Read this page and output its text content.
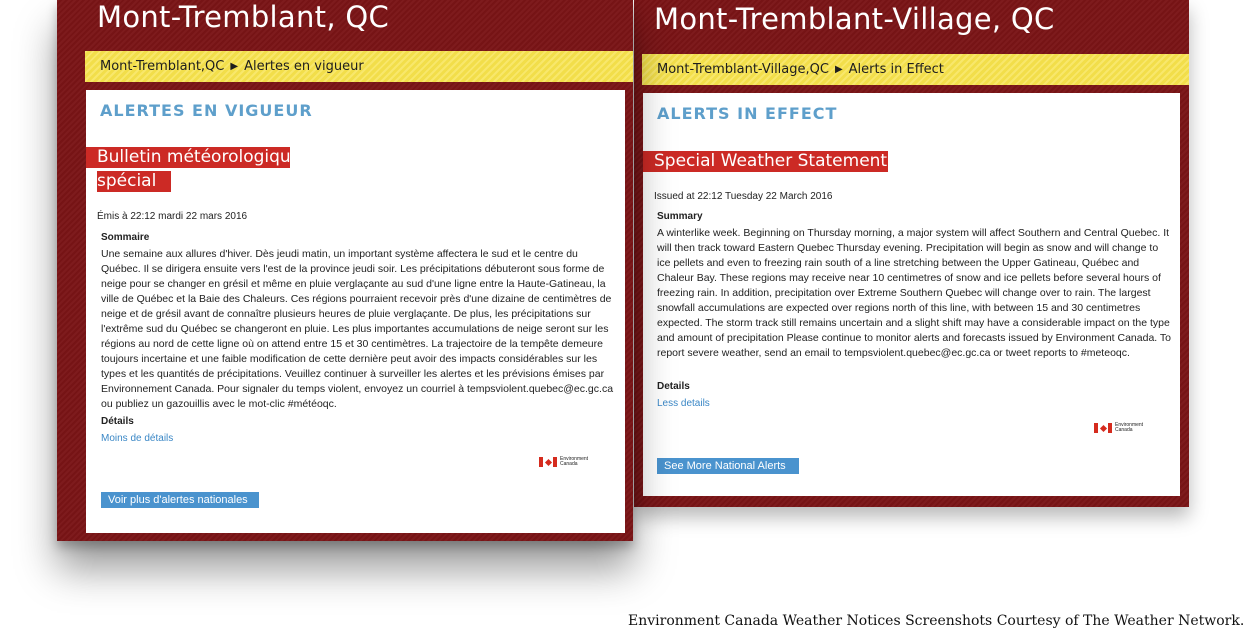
Mont-Tremblant, QC
Mont-Tremblant,QC ▶ Alertes en vigueur
ALERTES EN VIGUEUR
Bulletin météorologique
spécial
Émis à 22:12 mardi 22 mars 2016
Sommaire
Une semaine aux allures d'hiver. Dès jeudi matin, un important système affectera le sud et le centre du Québec. Il se dirigera ensuite vers l'est de la province jeudi soir. Les précipitations débuteront sous forme de neige pour se changer en grésil et même en pluie verglaçante au sud d'une ligne entre la Haute-Gatineau, la ville de Québec et la Baie des Chaleurs. Ces régions pourraient recevoir près d'une dizaine de centimètres de neige et de grésil avant de connaître plusieurs heures de pluie verglaçante. De plus, les précipitations sur l'extrême sud du Québec se changeront en pluie. Les plus importantes accumulations de neige seront sur les régions au nord de cette ligne où on attend entre 15 et 30 centimètres. La trajectoire de la tempête demeure toujours incertaine et une faible modification de cette dernière peut avoir des impacts considérables sur les types et les quantités de précipitations. Veuillez continuer à surveiller les alertes et les prévisions émises par Environnement Canada. Pour signaler du temps violent, envoyez un courriel à tempsviolent.quebec@ec.gc.ca ou publiez un gazouillis avec le mot-clic #météoqc.
Détails
Moins de détails
Environment
Canada
Voir plus d'alertes nationales
Mont-Tremblant-Village, QC
Mont-Tremblant-Village,QC ▶ Alerts in Effect
ALERTS IN EFFECT
Special Weather Statement
Issued at 22:12 Tuesday 22 March 2016
Summary
A winterlike week. Beginning on Thursday morning, a major system will affect Southern and Central Quebec. It will then track toward Eastern Quebec Thursday evening. Precipitation will begin as snow and will change to ice pellets and even to freezing rain south of a line stretching between the Upper Gatineau, Québec and Chaleur Bay. These regions may receive near 10 centimetres of snow and ice pellets before several hours of freezing rain. In addition, precipitation over Extreme Southern Quebec will change over to rain. The largest snowfall accumulations are expected over regions north of this line, with between 15 and 30 centimetres expected. The storm track still remains uncertain and a slight shift may have a considerable impact on the type and amount of precipitation Please continue to monitor alerts and forecasts issued by Environment Canada. To report severe weather, send an email to tempsviolent.quebec@ec.gc.ca or tweet reports to #meteoqc.
Details
Less details
Environment
Canada
See More National Alerts
Environment Canada Weather Notices Screenshots Courtesy of The Weather Network.
